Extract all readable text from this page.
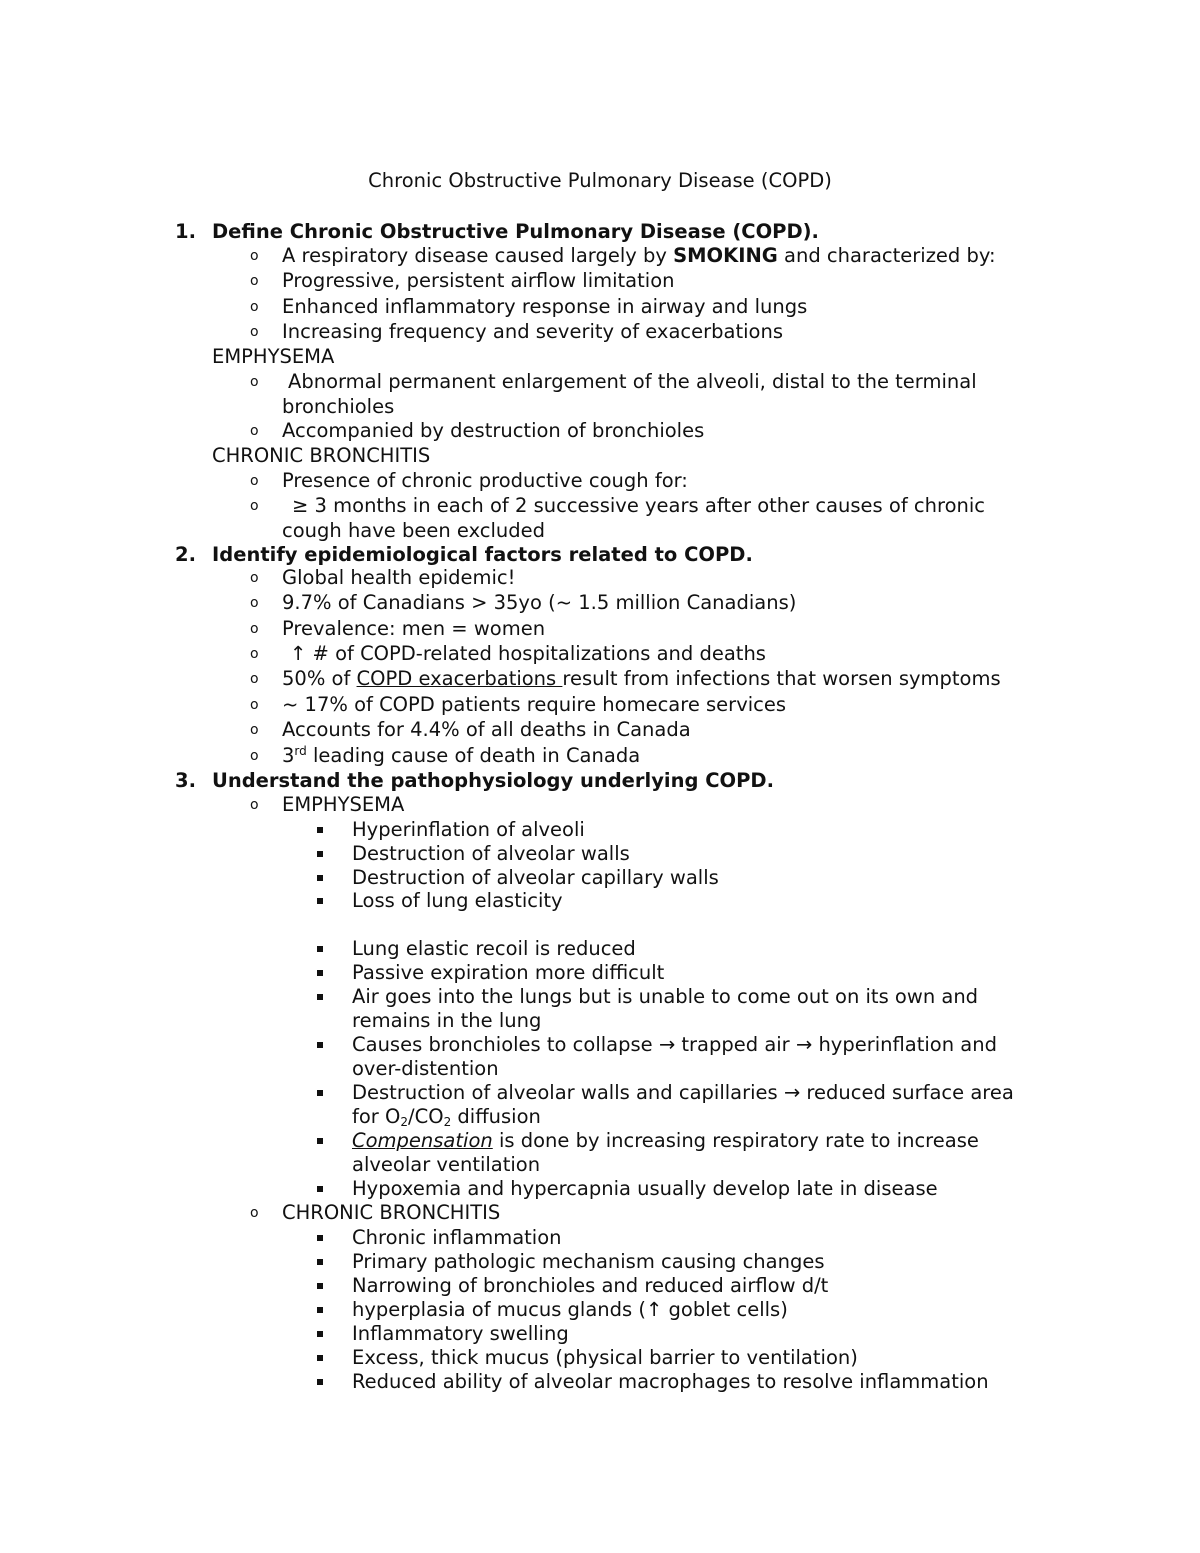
Chronic Obstructive Pulmonary Disease (COPD)
1. Define Chronic Obstructive Pulmonary Disease (COPD).
o A respiratory disease caused largely by SMOKING and characterized by:
o Progressive, persistent airflow limitation
o Enhanced inflammatory response in airway and lungs
o Increasing frequency and severity of exacerbations
EMPHYSEMA
o Abnormal permanent enlargement of the alveoli, distal to the terminal
bronchioles
o Accompanied by destruction of bronchioles
CHRONIC BRONCHITIS
o Presence of chronic productive cough for:
o ≥ 3 months in each of 2 successive years after other causes of chronic
cough have been excluded
2. Identify epidemiological factors related to COPD.
o Global health epidemic!
o 9.7% of Canadians > 35yo (~ 1.5 million Canadians)
o Prevalence: men = women
o ↑ # of COPD-related hospitalizations and deaths
o 50% of COPD exacerbations result from infections that worsen symptoms
o ~ 17% of COPD patients require homecare services
o Accounts for 4.4% of all deaths in Canada
o 3rd leading cause of death in Canada
3. Understand the pathophysiology underlying COPD.
o EMPHYSEMA
Hyperinflation of alveoli
Destruction of alveolar walls
Destruction of alveolar capillary walls
Loss of lung elasticity
Lung elastic recoil is reduced
Passive expiration more difficult
Air goes into the lungs but is unable to come out on its own and
remains in the lung
Causes bronchioles to collapse → trapped air → hyperinflation and
over-distention
Destruction of alveolar walls and capillaries → reduced surface area
for $O_2/CO_2$ diffusion
Compensation is done by increasing respiratory rate to increase
alveolar ventilation
Hypoxemia and hypercapnia usually develop late in disease
o CHRONIC BRONCHITIS
Chronic inflammation
Primary pathologic mechanism causing changes
Narrowing of bronchioles and reduced airflow d/t
hyperplasia of mucus glands (↑ goblet cells)
Inflammatory swelling
Excess, thick mucus (physical barrier to ventilation)
Reduced ability of alveolar macrophages to resolve inflammation
